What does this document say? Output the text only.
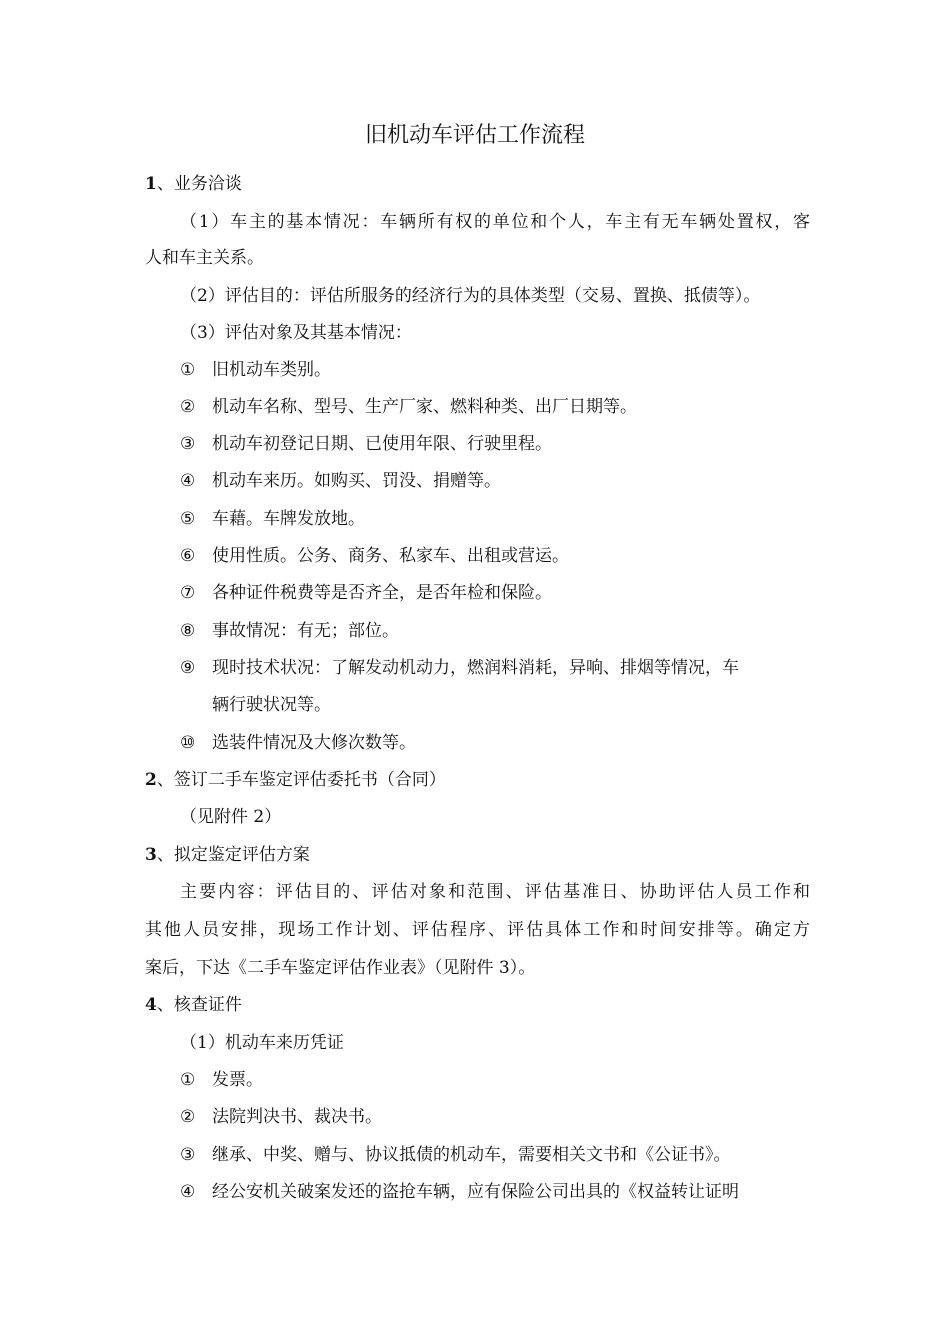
旧机动车评估工作流程
1、业务洽谈
（1）车主的基本情况：车辆所有权的单位和个人，车主有无车辆处置权，客
人和车主关系。
（2）评估目的：评估所服务的经济行为的具体类型（交易、置换、抵债等）。
（3）评估对象及其基本情况：
① 旧机动车类别。
② 机动车名称、型号、生产厂家、燃料种类、出厂日期等。
③ 机动车初登记日期、已使用年限、行驶里程。
④ 机动车来历。如购买、罚没、捐赠等。
⑤ 车藉。车牌发放地。
⑥ 使用性质。公务、商务、私家车、出租或营运。
⑦ 各种证件税费等是否齐全，是否年检和保险。
⑧ 事故情况：有无；部位。
⑨ 现时技术状况：了解发动机动力，燃润料消耗，异响、排烟等情况，车
辆行驶状况等。
⑩ 选装件情况及大修次数等。
2、签订二手车鉴定评估委托书（合同）
（见附件 2）
3、拟定鉴定评估方案
主要内容：评估目的、评估对象和范围、评估基准日、协助评估人员工作和
其他人员安排，现场工作计划、评估程序、评估具体工作和时间安排等。确定方
案后，下达《二手车鉴定评估作业表》（见附件 3）。
4、核查证件
（1）机动车来历凭证
① 发票。
② 法院判决书、裁决书。
③ 继承、中奖、赠与、协议抵债的机动车，需要相关文书和《公证书》。
④ 经公安机关破案发还的盗抢车辆，应有保险公司出具的《权益转让证明
